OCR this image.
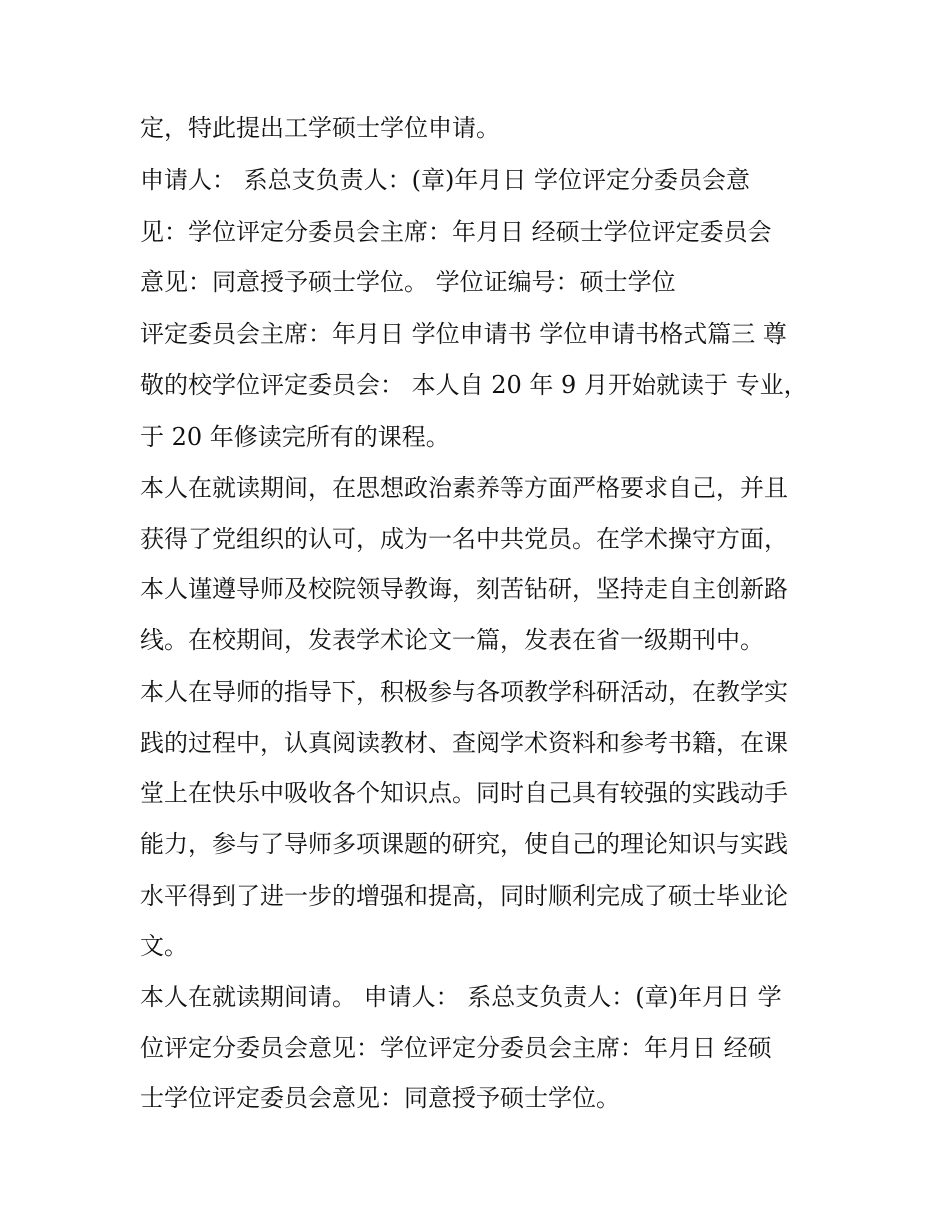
定，特此提出工学硕士学位申请。
申请人： 系总支负责人：(章)年月日 学位评定分委员会意
见：学位评定分委员会主席：年月日 经硕士学位评定委员会
意见：同意授予硕士学位。 学位证编号：硕士学位
评定委员会主席：年月日 学位申请书 学位申请书格式篇三 尊
敬的校学位评定委员会： 本人自 20 年 9 月开始就读于 专业，
于 20 年修读完所有的课程。
本人在就读期间，在思想政治素养等方面严格要求自己，并且
获得了党组织的认可，成为一名中共党员。在学术操守方面，
本人谨遵导师及校院领导教诲，刻苦钻研，坚持走自主创新路
线。在校期间，发表学术论文一篇，发表在省一级期刊中。
本人在导师的指导下，积极参与各项教学科研活动，在教学实
践的过程中，认真阅读教材、查阅学术资料和参考书籍，在课
堂上在快乐中吸收各个知识点。同时自己具有较强的实践动手
能力，参与了导师多项课题的研究，使自己的理论知识与实践
水平得到了进一步的增强和提高，同时顺利完成了硕士毕业论
文。
本人在就读期间请。 申请人： 系总支负责人：(章)年月日 学
位评定分委员会意见：学位评定分委员会主席：年月日 经硕
士学位评定委员会意见：同意授予硕士学位。
